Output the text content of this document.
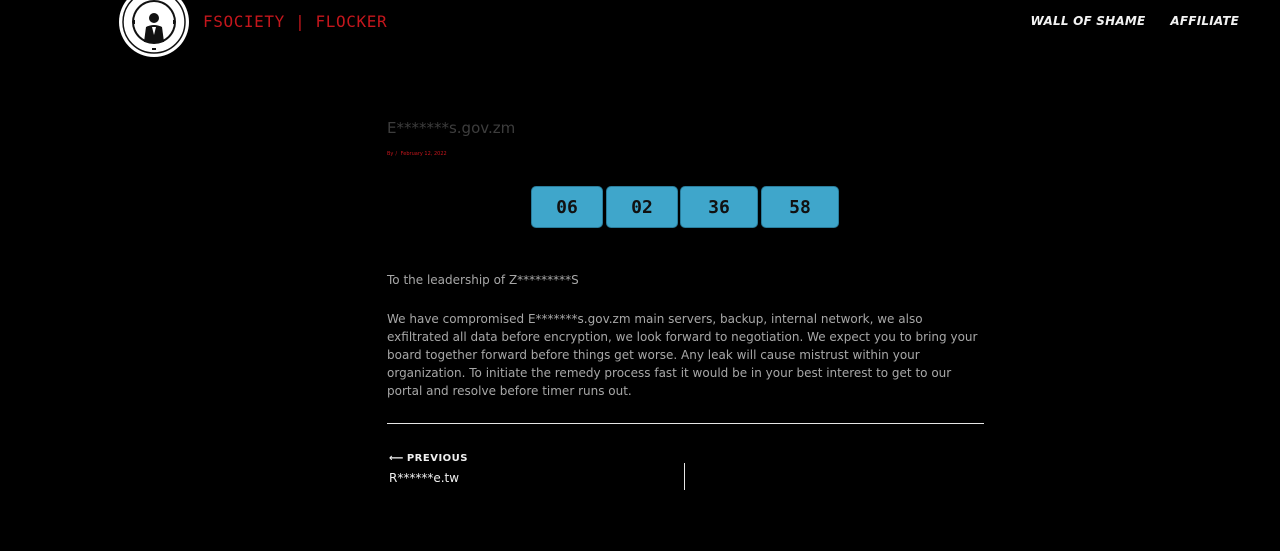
FSOCIETY | FLOCKER	WALL OF SHAME AFFILIATE
E*******s.gov.zm
By / February 12, 2022
06	02	36	58

To the leadership of Z*********S

We have compromised E*******s.gov.zm main servers, backup, internal network, we also exfiltrated all data before encryption, we look forward to negotiation. We expect you to bring your board together forward before things get worse. Any leak will cause mistrust within your organization. To initiate the remedy process fast it would be in your best interest to get to our portal and resolve before timer runs out.

⟵ PREVIOUS
R******e.tw
